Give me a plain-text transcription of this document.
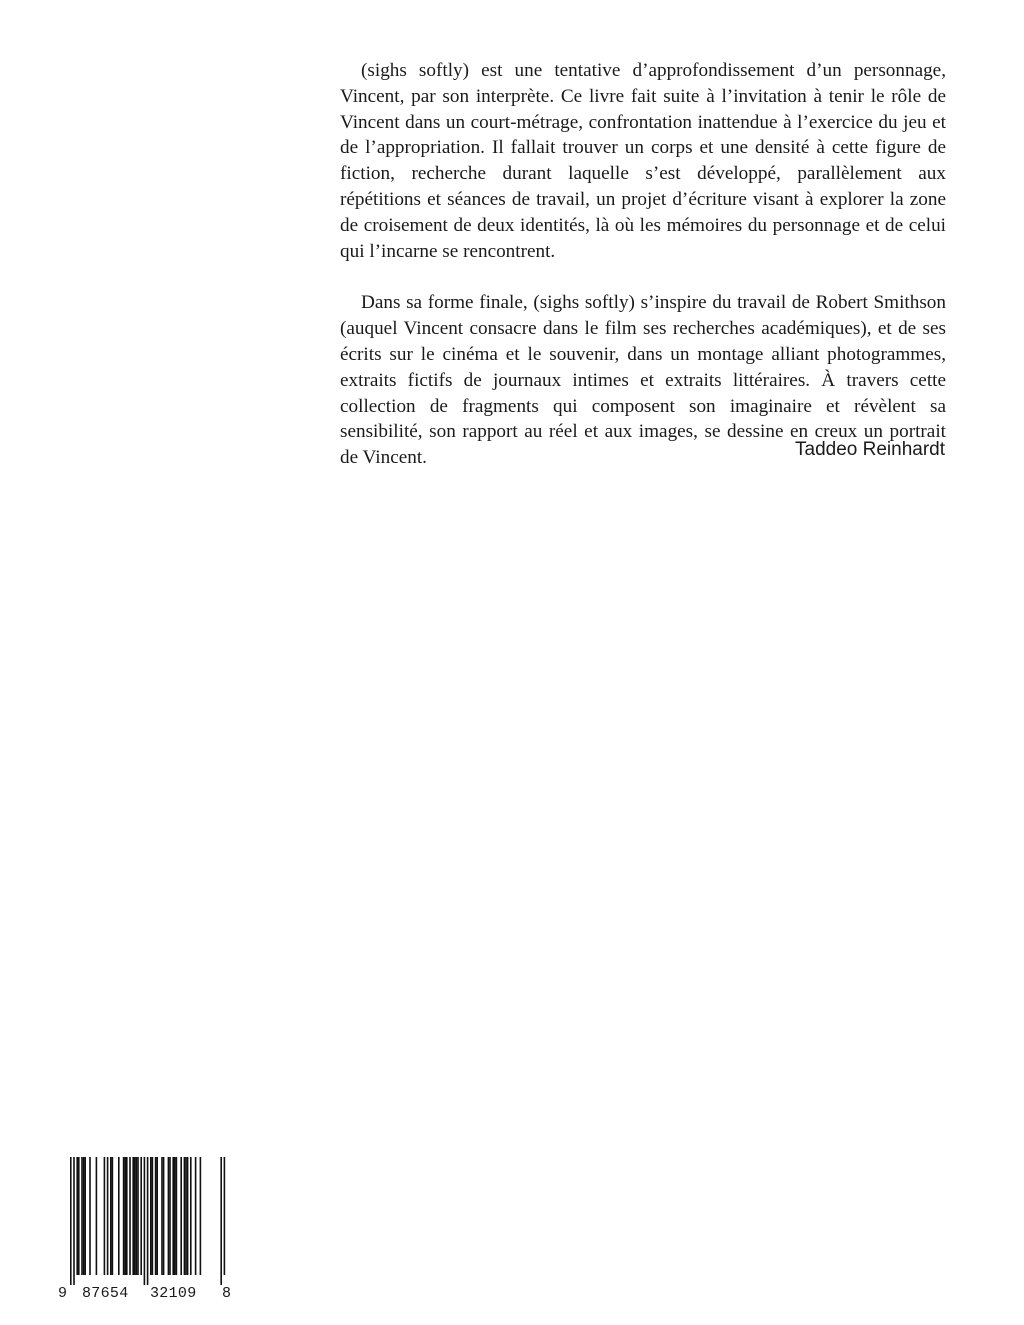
(sighs softly) est une tentative d’approfondissement d’un personnage, Vincent, par son interprète. Ce livre fait suite à l’invitation à tenir le rôle de Vincent dans un court-métrage, confrontation inattendue à l’exercice du jeu et de l’appropriation. Il fallait trouver un corps et une densité à cette figure de fiction, recherche durant laquelle s’est développé, parallèlement aux répétitions et séances de travail, un projet d’écriture visant à explorer la zone de croisement de deux identités, là où les mémoires du personnage et de celui qui l’incarne se rencontrent.

Dans sa forme finale, (sighs softly) s’inspire du travail de Robert Smithson (auquel Vincent consacre dans le film ses recherches académiques), et de ses écrits sur le cinéma et le souvenir, dans un montage alliant photogrammes, extraits fictifs de journaux intimes et extraits littéraires. À travers cette collection de fragments qui composent son imaginaire et révèlent sa sensibilité, son rapport au réel et aux images, se dessine en creux un portrait de Vincent.	Taddeo Reinhardt
9 87654 32109 8
